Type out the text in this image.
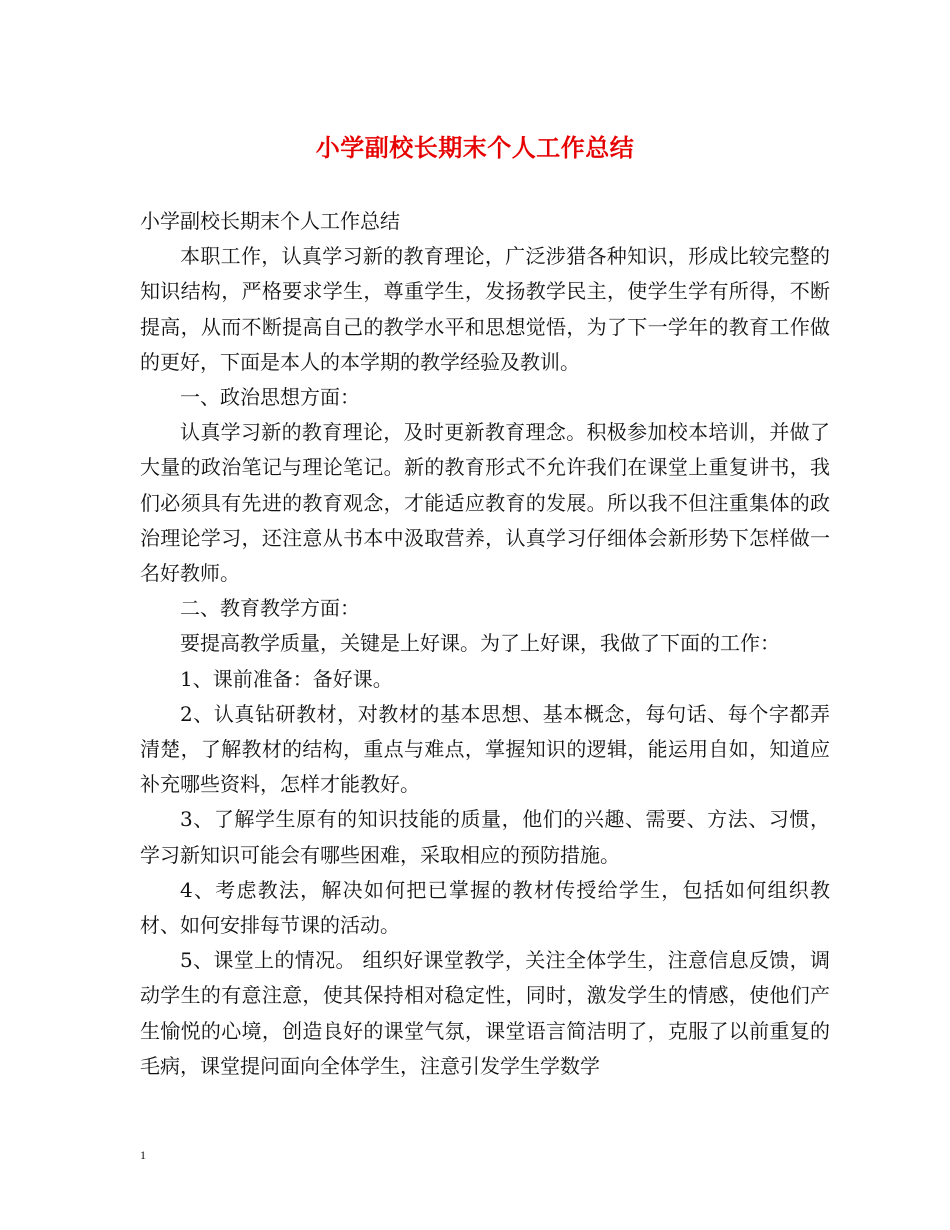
小学副校长期末个人工作总结

小学副校长期末个人工作总结

本职工作，认真学习新的教育理论，广泛涉猎各种知识，形成比较完整的知识结构，严格要求学生，尊重学生，发扬教学民主，使学生学有所得，不断提高，从而不断提高自己的教学水平和思想觉悟，为了下一学年的教育工作做的更好，下面是本人的本学期的教学经验及教训。

一、政治思想方面：

认真学习新的教育理论，及时更新教育理念。积极参加校本培训，并做了大量的政治笔记与理论笔记。新的教育形式不允许我们在课堂上重复讲书，我们必须具有先进的教育观念，才能适应教育的发展。所以我不但注重集体的政治理论学习，还注意从书本中汲取营养，认真学习仔细体会新形势下怎样做一名好教师。

二、教育教学方面：

要提高教学质量，关键是上好课。为了上好课，我做了下面的工作：

1、课前准备：备好课。

2、认真钻研教材，对教材的基本思想、基本概念，每句话、每个字都弄清楚，了解教材的结构，重点与难点，掌握知识的逻辑，能运用自如，知道应补充哪些资料，怎样才能教好。

3、了解学生原有的知识技能的质量，他们的兴趣、需要、方法、习惯，学习新知识可能会有哪些困难，采取相应的预防措施。

4、考虑教法，解决如何把已掌握的教材传授给学生，包括如何组织教材、如何安排每节课的活动。

5、课堂上的情况。 组织好课堂教学，关注全体学生，注意信息反馈，调动学生的有意注意，使其保持相对稳定性，同时，激发学生的情感，使他们产生愉悦的心境，创造良好的课堂气氛，课堂语言简洁明了，克服了以前重复的毛病，课堂提问面向全体学生，注意引发学生学数学

1
